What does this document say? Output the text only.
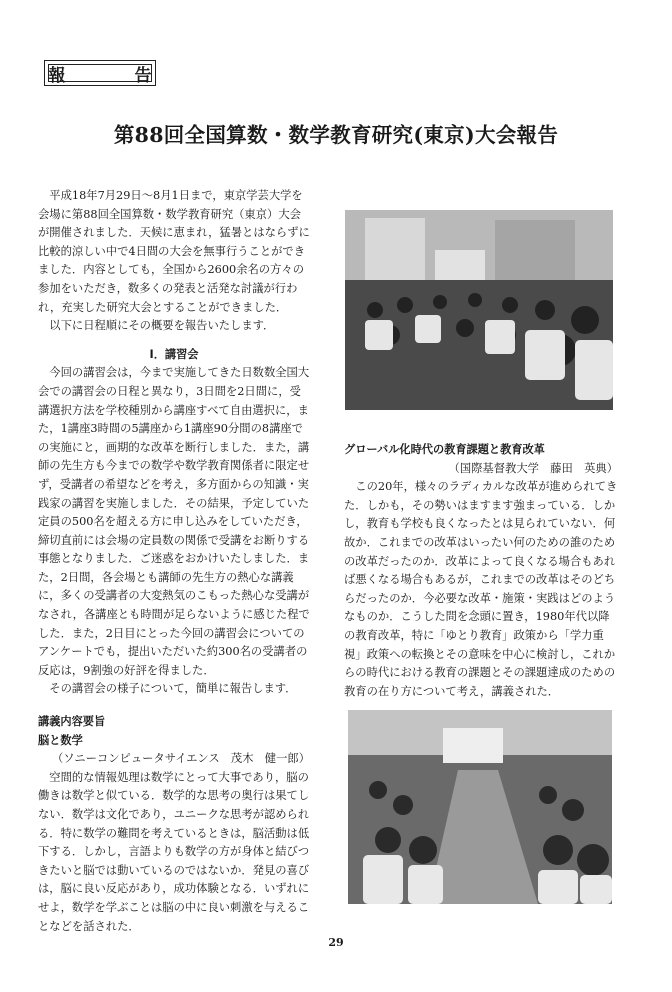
報　告
第88回全国算数・数学教育研究(東京)大会報告

平成18年7月29日～8月1日まで，東京学芸大学を会場に第88回全国算数・数学教育研究（東京）大会が開催されました．天候に恵まれ，猛暑とはならずに比較的涼しい中で4日間の大会を無事行うことができました．内容としても，全国から2600余名の方々の参加をいただき，数多くの発表と活発な討議が行われ，充実した研究大会とすることができました．

以下に日程順にその概要を報告いたします．

Ⅰ．講習会

今回の講習会は，今まで実施してきた日数数全国大会での講習会の日程と異なり，3日間を2日間に，受講選択方法を学校種別から講座すべて自由選択に，また，1講座3時間の5講座から1講座90分間の8講座での実施にと，画期的な改革を断行しました．また，講師の先生方も今までの数学や数学教育関係者に限定せず，受講者の希望などを考え，多方面からの知識・実践家の講習を実施しました．その結果，予定していた定員の500名を超える方に申し込みをしていただき，締切直前には会場の定員数の関係で受講をお断りする事態となりました．ご迷惑をおかけいたしました．また，2日間，各会場とも講師の先生方の熱心な講義に，多くの受講者の大変熱気のこもった熱心な受講がなされ，各講座とも時間が足らないように感じた程でした．また，2日目にとった今回の講習会についてのアンケートでも，提出いただいた約300名の受講者の反応は，9割強の好評を得ました．

その講習会の様子について，簡単に報告します．

講義内容要旨

脳と数学

（ソニーコンピュータサイエンス　茂木　健一郎）

空間的な情報処理は数学にとって大事であり，脳の働きは数学と似ている．数学的な思考の奥行は果てしない．数学は文化であり，ユニークな思考が認められる．特に数学の難問を考えているときは，脳活動は低下する．しかし，言語よりも数学の方が身体と結びつきたいと脳では動いているのではないか．発見の喜びは，脳に良い反応があり，成功体験となる．いずれにせよ，数学を学ぶことは脳の中に良い刺激を与えることなどを話された．

グローバル化時代の教育課題と教育改革

（国際基督教大学　藤田　英典）

この20年，様々のラディカルな改革が進められてきた．しかも，その勢いはますます強まっている．しかし，教育も学校も良くなったとは見られていない．何故か．これまでの改革はいったい何のための誰のための改革だったのか．改革によって良くなる場合もあれば悪くなる場合もあるが，これまでの改革はそのどちらだったのか．今必要な改革・施策・実践はどのようなものか．こうした問を念頭に置き，1980年代以降の教育改革，特に「ゆとり教育」政策から「学力重視」政策への転換とその意味を中心に検討し，これからの時代における教育の課題とその課題達成のための教育の在り方について考え，講義された．

29
